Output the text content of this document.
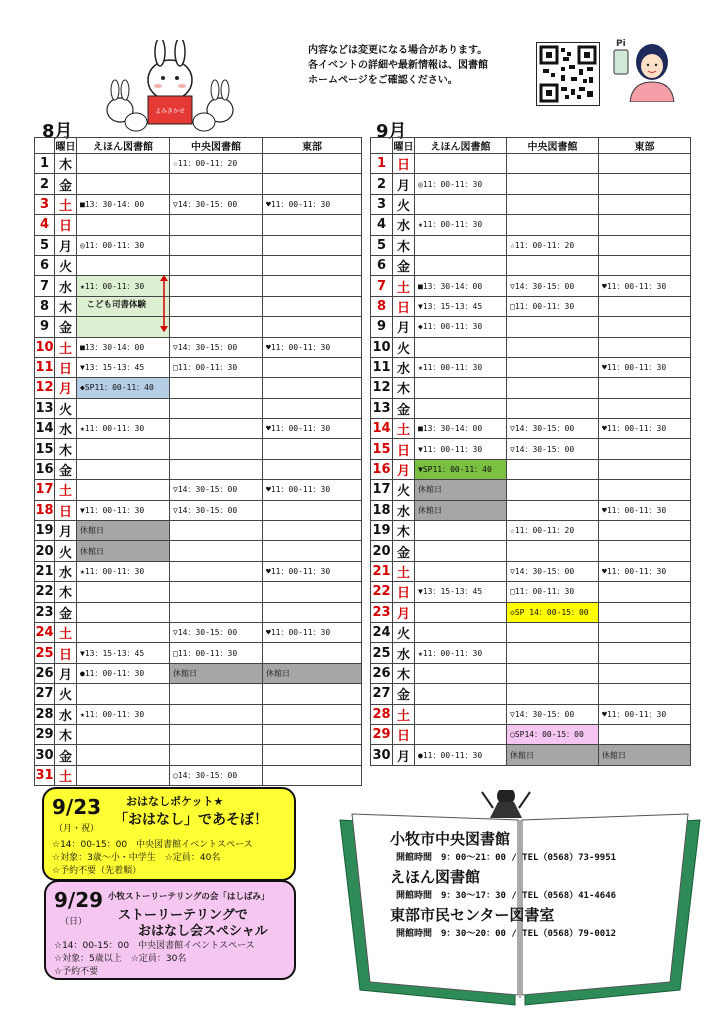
よみきかせ
内容などは変更になる場合があります。
各イベントの詳細や最新情報は、図書館
ホームページをご確認ください。
Pi
8月
	曜日	えほん図書館	中央図書館	東部
1	木		☆11：00-11：20	
2	金			
3	土	■13：30-14：00	▽14：30-15：00	♥11：00-11：30
4	日			
5	月	◎11：00-11：30		
6	火			
7	水	★11：00-11：30		
8	木			
9	金			
10	土	■13：30-14：00	▽14：30-15：00	♥11：00-11：30
11	日	▼13：15-13：45	□11：00-11：30	
12	月	◆SP11：00-11：40		
13	火			
14	水	★11：00-11：30		♥11：00-11：30
15	木			
16	金			
17	土		▽14：30-15：00	♥11：00-11：30
18	日	▼11：00-11：30	▽14：30-15：00	
19	月	休館日		
20	火	休館日		
21	水	★11：00-11：30		♥11：00-11：30
22	木			
23	金			
24	土		▽14：30-15：00	♥11：00-11：30
25	日	▼13：15-13：45	□11：00-11：30	
26	月	●11：00-11：30	休館日	休館日
27	火			
28	水	★11：00-11：30		
29	木			
30	金			
31	土		○14：30-15：00	
9月
	曜日	えほん図書館	中央図書館	東部
1	日			
2	月	◎11：00-11：30		
3	火			
4	水	★11：00-11：30		
5	木		☆11：00-11：20	
6	金			
7	土	■13：30-14：00	▽14：30-15：00	♥11：00-11：30
8	日	▼13：15-13：45	□11：00-11：30	
9	月	◆11：00-11：30		
10	火			
11	水	★11：00-11：30		♥11：00-11：30
12	木			
13	金			
14	土	■13：30-14：00	▽14：30-15：00	♥11：00-11：30
15	日	▼11：00-11：30	▽14：30-15：00	
16	月	▼SP11：00-11：40		
17	火	休館日		
18	水	休館日		♥11：00-11：30
19	木		☆11：00-11：20	
20	金			
21	土		▽14：30-15：00	♥11：00-11：30
22	日	▼13：15-13：45	□11：00-11：30	
23	月		◇SP 14：00-15：00	
24	火			
25	水	★11：00-11：30		
26	木			
27	金			
28	土		▽14：30-15：00	♥11：00-11：30
29	日		○SP14：00-15：00	
30	月	●11：00-11：30	休館日	休館日
9/23
（月・祝）
おはなしポケット★
「おはなし」であそぼ！
☆14：00-15：00　中央図書館イベントスペース
☆対象：3歳～小・中学生　☆定員：40名
☆予約不要（先着順）
9/29
（日）
小牧ストーリーテリングの会「はしばみ」
ストーリーテリングで
おはなし会スペシャル
☆14：00-15：00　中央図書館イベントスペース
☆対象：5歳以上　☆定員：30名
☆予約不要
小牧市中央図書館
開館時間　9：00～21：00 / TEL（0568）73-9951
えほん図書館
開館時間　9：30～17：30 / TEL（0568）41-4646
東部市民センター図書室
開館時間　9：30～20：00 / TEL（0568）79-0012
こども司書体験
